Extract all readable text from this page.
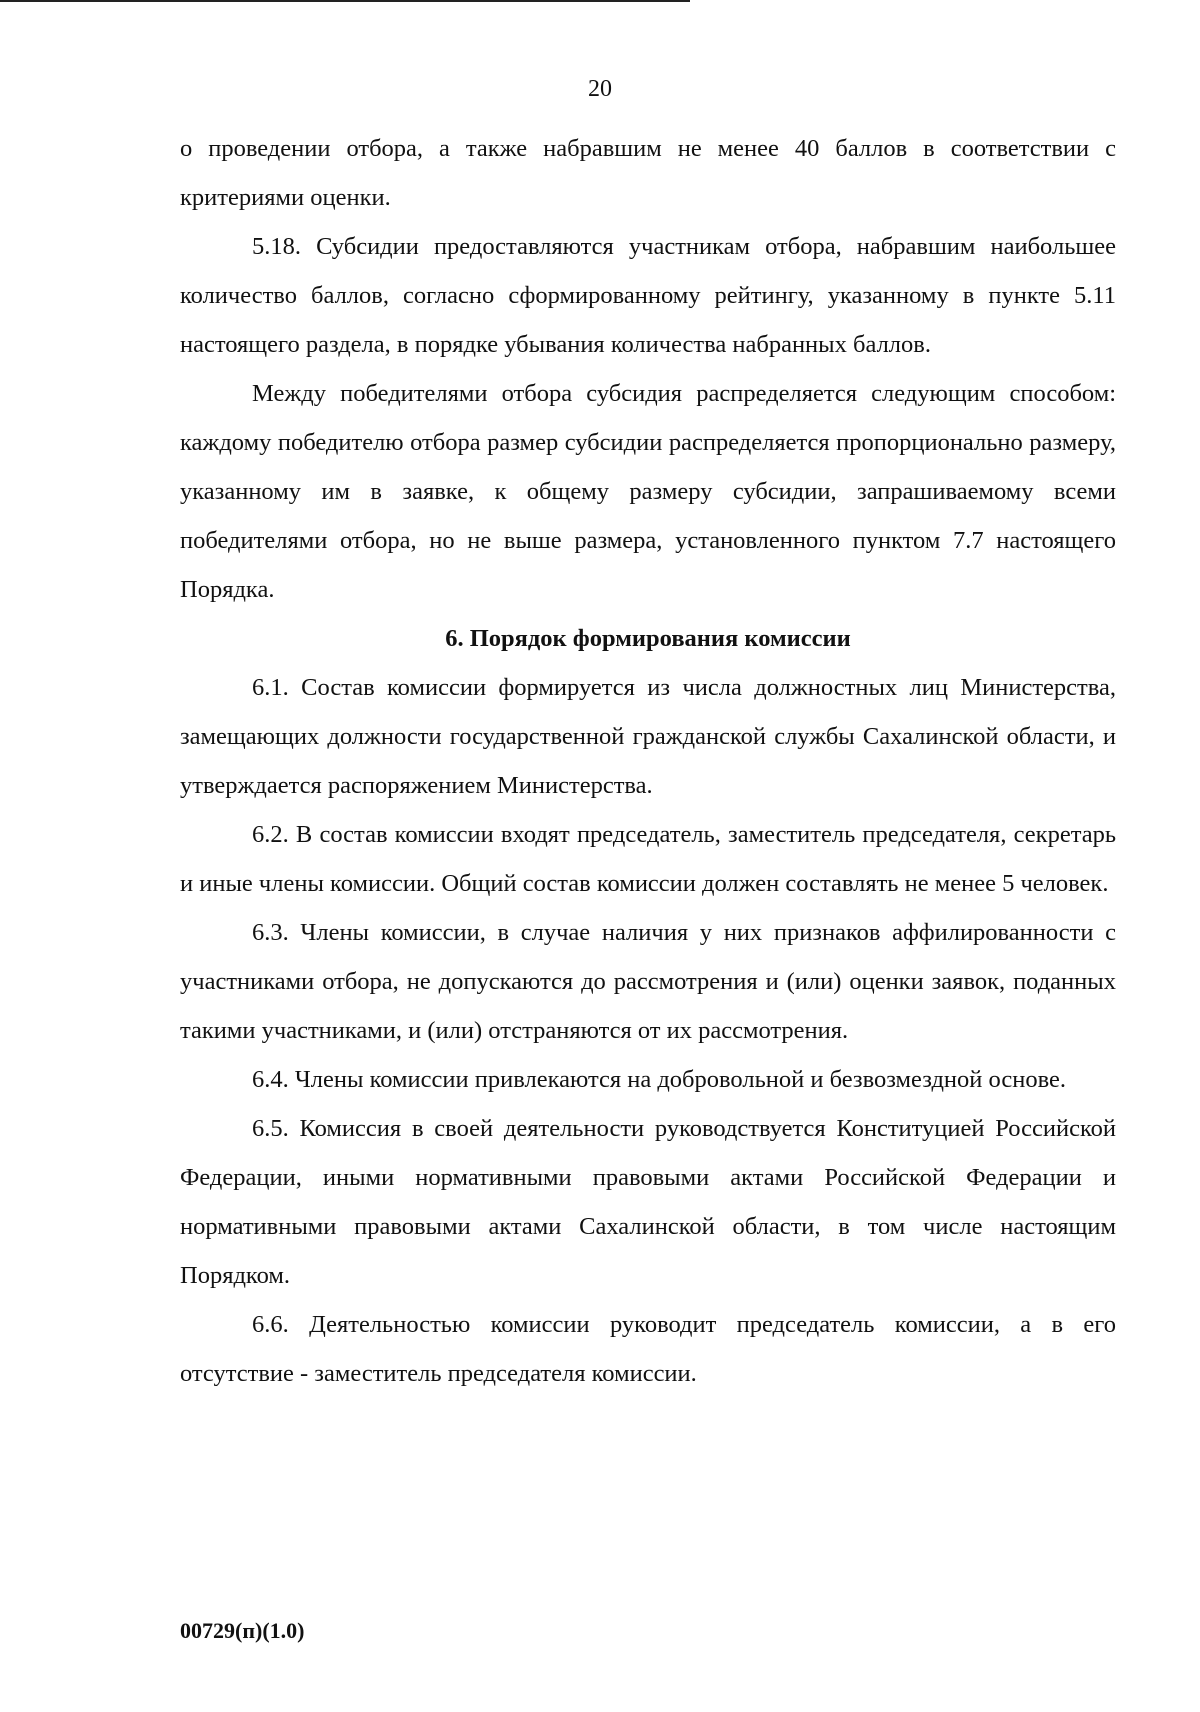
20

о проведении отбора, а также набравшим не менее 40 баллов в соответствии с критериями оценки.

5.18. Субсидии предоставляются участникам отбора, набравшим наибольшее количество баллов, согласно сформированному рейтингу, указанному в пункте 5.11 настоящего раздела, в порядке убывания количества набранных баллов.

Между победителями отбора субсидия распределяется следующим способом: каждому победителю отбора размер субсидии распределяется пропорционально размеру, указанному им в заявке, к общему размеру субсидии, запрашиваемому всеми победителями отбора, но не выше размера, установленного пунктом 7.7 настоящего Порядка.

6. Порядок формирования комиссии

6.1. Состав комиссии формируется из числа должностных лиц Министерства, замещающих должности государственной гражданской службы Сахалинской области, и утверждается распоряжением Министерства.

6.2. В состав комиссии входят председатель, заместитель председателя, секретарь и иные члены комиссии. Общий состав комиссии должен составлять не менее 5 человек.

6.3. Члены комиссии, в случае наличия у них признаков аффилированности с участниками отбора, не допускаются до рассмотрения и (или) оценки заявок, поданных такими участниками, и (или) отстраняются от их рассмотрения.

6.4. Члены комиссии привлекаются на добровольной и безвозмездной основе.

6.5. Комиссия в своей деятельности руководствуется Конституцией Российской Федерации, иными нормативными правовыми актами Российской Федерации и нормативными правовыми актами Сахалинской области, в том числе настоящим Порядком.

6.6. Деятельностью комиссии руководит председатель комиссии, а в его отсутствие - заместитель председателя комиссии.

00729(п)(1.0)
